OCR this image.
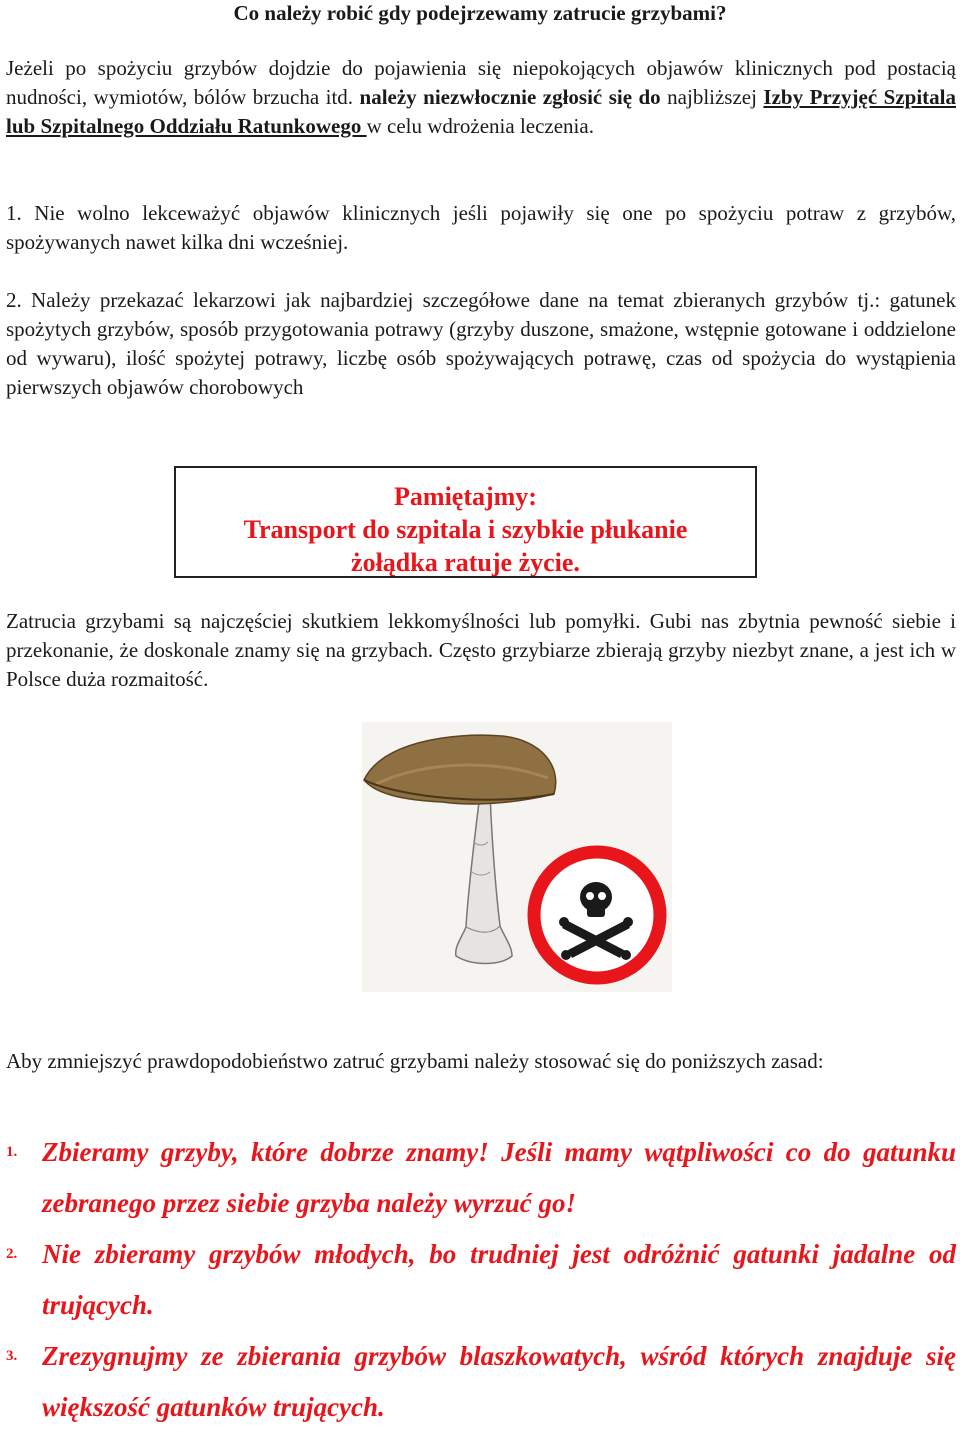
Co należy robić gdy podejrzewamy zatrucie grzybami?
Jeżeli po spożyciu grzybów dojdzie do pojawienia się niepokojących objawów klinicznych pod postacią nudności, wymiotów, bólów brzucha itd. należy niezwłocznie zgłosić się do najbliższej Izby Przyjęć Szpitala lub Szpitalnego Oddziału Ratunkowego w celu wdrożenia leczenia.
1. Nie wolno lekceważyć objawów klinicznych jeśli pojawiły się one po spożyciu potraw z grzybów, spożywanych nawet kilka dni wcześniej.
2. Należy przekazać lekarzowi jak najbardziej szczegółowe dane na temat zbieranych grzybów tj.: gatunek spożytych grzybów, sposób przygotowania potrawy (grzyby duszone, smażone, wstępnie gotowane i oddzielone od wywaru), ilość spożytej potrawy, liczbę osób spożywających potrawę, czas od spożycia do wystąpienia pierwszych objawów chorobowych
Pamiętajmy:
Transport do szpitala i szybkie płukanie
żołądka ratuje życie.
Zatrucia grzybami są najczęściej skutkiem lekkomyślności lub pomyłki. Gubi nas zbytnia pewność siebie i przekonanie, że doskonale znamy się na grzybach. Często grzybiarze zbierają grzyby niezbyt znane, a jest ich w Polsce duża rozmaitość.
Aby zmniejszyć prawdopodobieństwo zatruć grzybami należy stosować się do poniższych zasad:
1. Zbieramy grzyby, które dobrze znamy! Jeśli mamy wątpliwości co do gatunku zebranego przez siebie grzyba należy wyrzuć go!
2. Nie zbieramy grzybów młodych, bo trudniej jest odróżnić gatunki jadalne od trujących.
3. Zrezygnujmy ze zbierania grzybów blaszkowatych, wśród których znajduje się większość gatunków trujących.
